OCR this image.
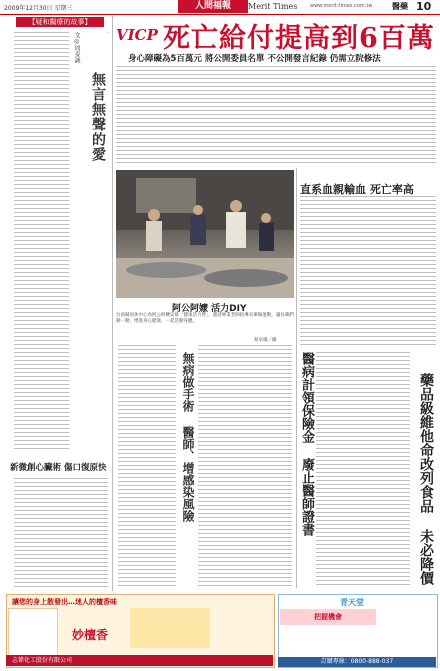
2009年12月30日 星期三	人間福報	Merit Times	www.merit-times.com.tw 醫藥 10
【疑和醫療的故事】
文◎周泰誠
無言無聲的愛
新微創心臟術 傷口復原快
VICP 死亡給付提高到6百萬
身心障礙為5百萬元 將公開委員名單 不公開發言紀錄 仍需立院修法
阿公阿嬤 活力DIY
台南縣退休中心為阿公阿嬤安排「健康活力營」，邀請專業老師指導長輩做運動，讓長輩們動一動，增進身心健康，一起活動身體。
蔡泉鳳／攝
直系血親輸血 死亡率高
醫病計領保險金 廢止醫師證書	藥品級維他命改列食品 未必降價
無病做手術 醫師、增感染風險
讓您的身上散發出…迷人的檀香味
妙檀香
志偉化工股份有限公司
青天堂
把握機會
訂購專線：0800-888-037
